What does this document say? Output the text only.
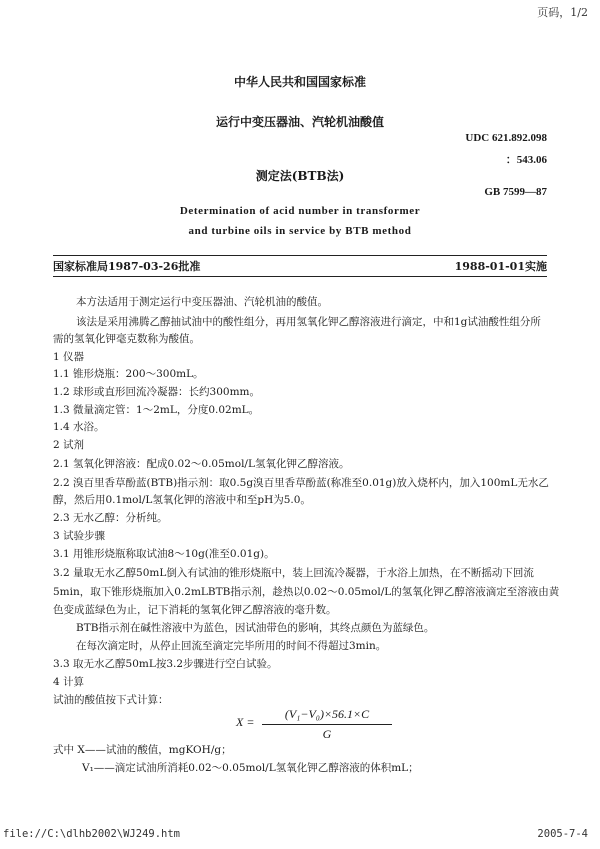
页码，1/2
中华人民共和国国家标准
运行中变压器油、汽轮机油酸值
UDC 621.892.098
：543.06
测定法(BTB法)
GB 7599—87
Determination of acid number in transformer
and turbine oils in service by BTB method
国家标准局1987-03-26批准	1988-01-01实施
本方法适用于测定运行中变压器油、汽轮机油的酸值。
该法是采用沸腾乙醇抽试油中的酸性组分，再用氢氧化钾乙醇溶液进行滴定，中和1g试油酸性组分所
需的氢氧化钾毫克数称为酸值。
1 仪器
1.1 锥形烧瓶：200～300mL。
1.2 球形或直形回流冷凝器：长约300mm。
1.3 微量滴定管：1～2mL，分度0.02mL。
1.4 水浴。
2 试剂
2.1 氢氧化钾溶液：配成0.02～0.05mol/L氢氧化钾乙醇溶液。
2.2 溴百里香草酚蓝(BTB)指示剂：取0.5g溴百里香草酚蓝(称准至0.01g)放入烧杯内，加入100mL无水乙
醇，然后用0.1mol/L氢氧化钾的溶液中和至pH为5.0。
2.3 无水乙醇：分析纯。
3 试验步骤
3.1 用锥形烧瓶称取试油8～10g(准至0.01g)。
3.2 量取无水乙醇50mL倒入有试油的锥形烧瓶中，装上回流冷凝器，于水浴上加热，在不断摇动下回流
5min，取下锥形烧瓶加入0.2mLBTB指示剂，趁热以0.02～0.05mol/L的氢氧化钾乙醇溶液滴定至溶液由黄
色变成蓝绿色为止，记下消耗的氢氧化钾乙醇溶液的毫升数。
BTB指示剂在碱性溶液中为蓝色，因试油带色的影响，其终点颜色为蓝绿色。
在每次滴定时，从停止回流至滴定完毕所用的时间不得超过3min。
3.3 取无水乙醇50mL按3.2步骤进行空白试验。
4 计算
试油的酸值按下式计算：
X =
(V₁−V₀)×56.1×C
G
式中 X——试油的酸值，mgKOH/g；
V₁——滴定试油所消耗0.02～0.05mol/L氢氧化钾乙醇溶液的体积mL；
file://C:\dlhb2002\WJ249.htm	2005-7-4
